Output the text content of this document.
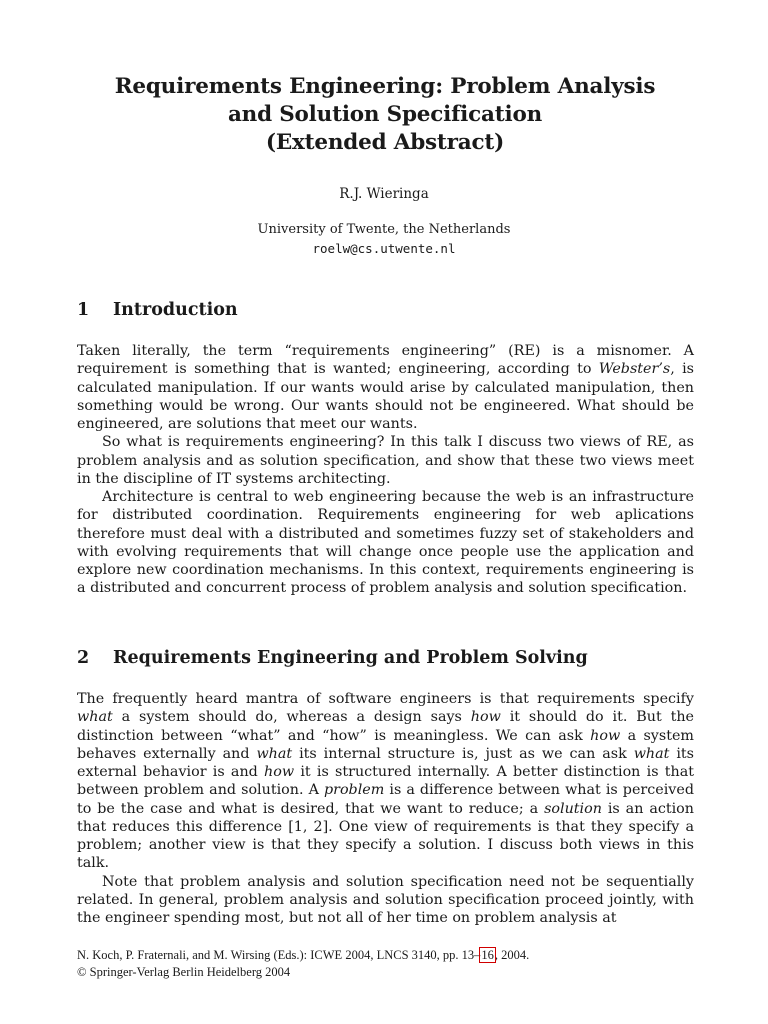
Requirements Engineering: Problem Analysis
and Solution Specification
(Extended Abstract)
R.J. Wieringa
University of Twente, the Netherlands
roelw@cs.utwente.nl
1 Introduction

Taken literally, the term “requirements engineering” (RE) is a misnomer. A requirement is something that is wanted; engineering, according to Webster’s, is calculated manipulation. If our wants would arise by calculated manipulation, then something would be wrong. Our wants should not be engineered. What should be engineered, are solutions that meet our wants.

So what is requirements engineering? In this talk I discuss two views of RE, as problem analysis and as solution specification, and show that these two views meet in the discipline of IT systems architecting.

Architecture is central to web engineering because the web is an infrastructure for distributed coordination. Requirements engineering for web aplications therefore must deal with a distributed and sometimes fuzzy set of stakeholders and with evolving requirements that will change once people use the application and explore new coordination mechanisms. In this context, requirements engineering is a distributed and concurrent process of problem analysis and solution specification.

2 Requirements Engineering and Problem Solving

The frequently heard mantra of software engineers is that requirements specify what a system should do, whereas a design says how it should do it. But the distinction between “what” and “how” is meaningless. We can ask how a system behaves externally and what its internal structure is, just as we can ask what its external behavior is and how it is structured internally. A better distinction is that between problem and solution. A problem is a difference between what is perceived to be the case and what is desired, that we want to reduce; a solution is an action that reduces this difference [1, 2]. One view of requirements is that they specify a problem; another view is that they specify a solution. I discuss both views in this talk.

Note that problem analysis and solution specification need not be sequentially related. In general, problem analysis and solution specification proceed jointly, with the engineer spending most, but not all of her time on problem analysis at

N. Koch, P. Fraternali, and M. Wirsing (Eds.): ICWE 2004, LNCS 3140, pp. 13–16, 2004.
© Springer-Verlag Berlin Heidelberg 2004
